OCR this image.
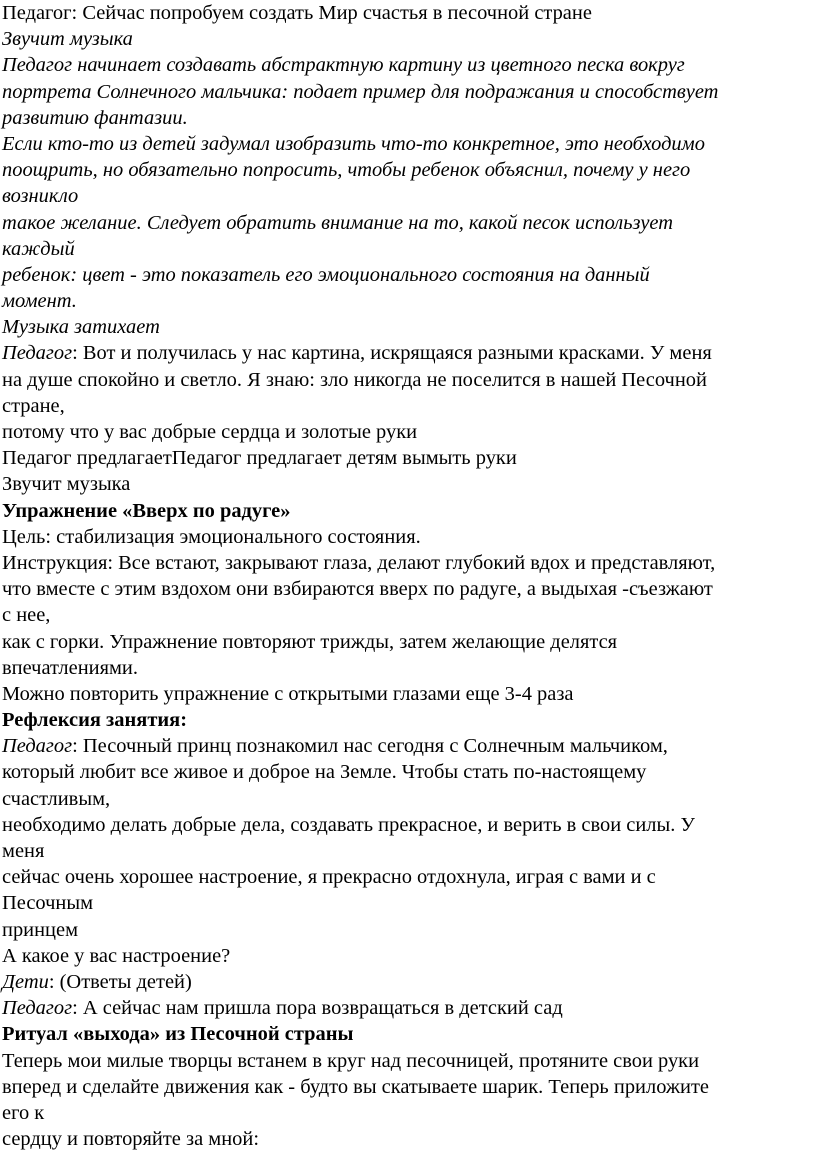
Педагог: Сейчас попробуем создать Мир счастья в песочной стране
Звучит музыка
Педагог начинает создавать абстрактную картину из цветного песка вокруг
портрета Солнечного мальчика: подает пример для подражания и способствует
развитию фантазии.
Если кто-то из детей задумал изобразить что-то конкретное, это необходимо
поощрить, но обязательно попросить, чтобы ребенок объяснил, почему у него
возникло
такое желание. Следует обратить внимание на то, какой песок использует
каждый
ребенок: цвет - это показатель его эмоционального состояния на данный
момент.
Музыка затихает
Педагог: Вот и получилась у нас картина, искрящаяся разными красками. У меня
на душе спокойно и светло. Я знаю: зло никогда не поселится в нашей Песочной
стране,
потому что у вас добрые сердца и золотые руки
Педагог предлагаетПедагог предлагает детям вымыть руки
Звучит музыка
Упражнение «Вверх по радуге»
Цель: стабилизация эмоционального состояния.
Инструкция: Все встают, закрывают глаза, делают глубокий вдох и представляют,
что вместе с этим вздохом они взбираются вверх по радуге, а выдыхая -съезжают
с нее,
как с горки. Упражнение повторяют трижды, затем желающие делятся
впечатлениями.
Можно повторить упражнение с открытыми глазами еще 3-4 раза
Рефлексия занятия:
Педагог: Песочный принц познакомил нас сегодня с Солнечным мальчиком,
который любит все живое и доброе на Земле. Чтобы стать по-настоящему
счастливым,
необходимо делать добрые дела, создавать прекрасное, и верить в свои силы. У
меня
сейчас очень хорошее настроение, я прекрасно отдохнула, играя с вами и с
Песочным
принцем
А какое у вас настроение?
Дети: (Ответы детей)
Педагог: А сейчас нам пришла пора возвращаться в детский сад
Ритуал «выхода» из Песочной страны
Теперь мои милые творцы встанем в круг над песочницей, протяните свои руки
вперед и сделайте движения как - будто вы скатываете шарик. Теперь приложите
его к
сердцу и повторяйте за мной:
